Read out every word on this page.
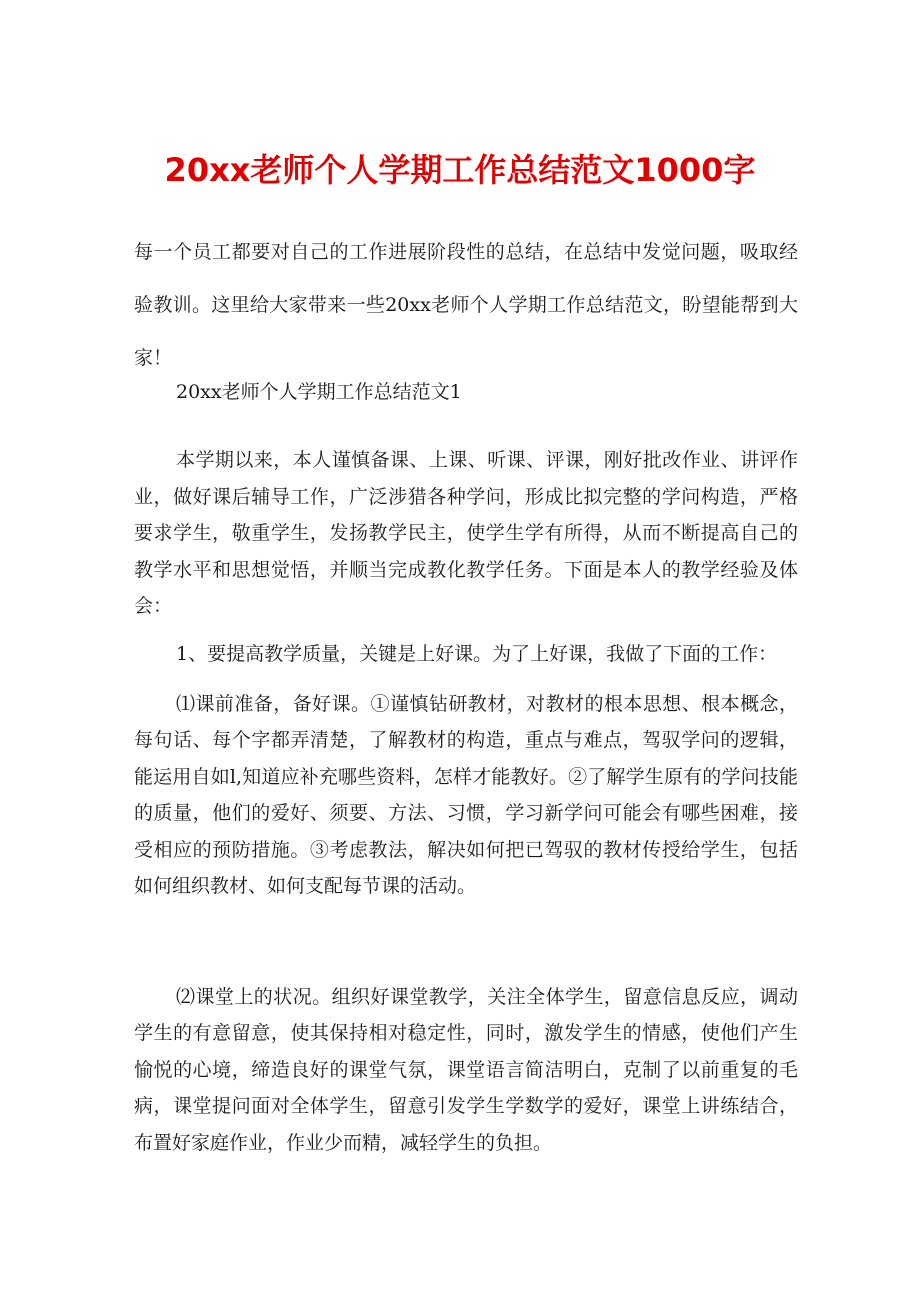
20xx老师个人学期工作总结范文1000字

每一个员工都要对自己的工作进展阶段性的总结，在总结中发觉问题，吸取经验教训。这里给大家带来一些20xx老师个人学期工作总结范文，盼望能帮到大家！

20xx老师个人学期工作总结范文1

本学期以来，本人谨慎备课、上课、听课、评课，刚好批改作业、讲评作业，做好课后辅导工作，广泛涉猎各种学问，形成比拟完整的学问构造，严格要求学生，敬重学生，发扬教学民主，使学生学有所得，从而不断提高自己的教学水平和思想觉悟，并顺当完成教化教学任务。下面是本人的教学经验及体会：

1、要提高教学质量，关键是上好课。为了上好课，我做了下面的工作：

⑴课前准备，备好课。①谨慎钻研教材，对教材的根本思想、根本概念，每句话、每个字都弄清楚，了解教材的构造，重点与难点，驾驭学问的逻辑，能运用自如l,知道应补充哪些资料，怎样才能教好。②了解学生原有的学问技能的质量，他们的爱好、须要、方法、习惯，学习新学问可能会有哪些困难，接受相应的预防措施。③考虑教法，解决如何把已驾驭的教材传授给学生，包括如何组织教材、如何支配每节课的活动。

⑵课堂上的状况。组织好课堂教学，关注全体学生，留意信息反应，调动学生的有意留意，使其保持相对稳定性，同时，激发学生的情感，使他们产生愉悦的心境，缔造良好的课堂气氛，课堂语言简洁明白，克制了以前重复的毛病，课堂提问面对全体学生，留意引发学生学数学的爱好，课堂上讲练结合，布置好家庭作业，作业少而精，减轻学生的负担。
